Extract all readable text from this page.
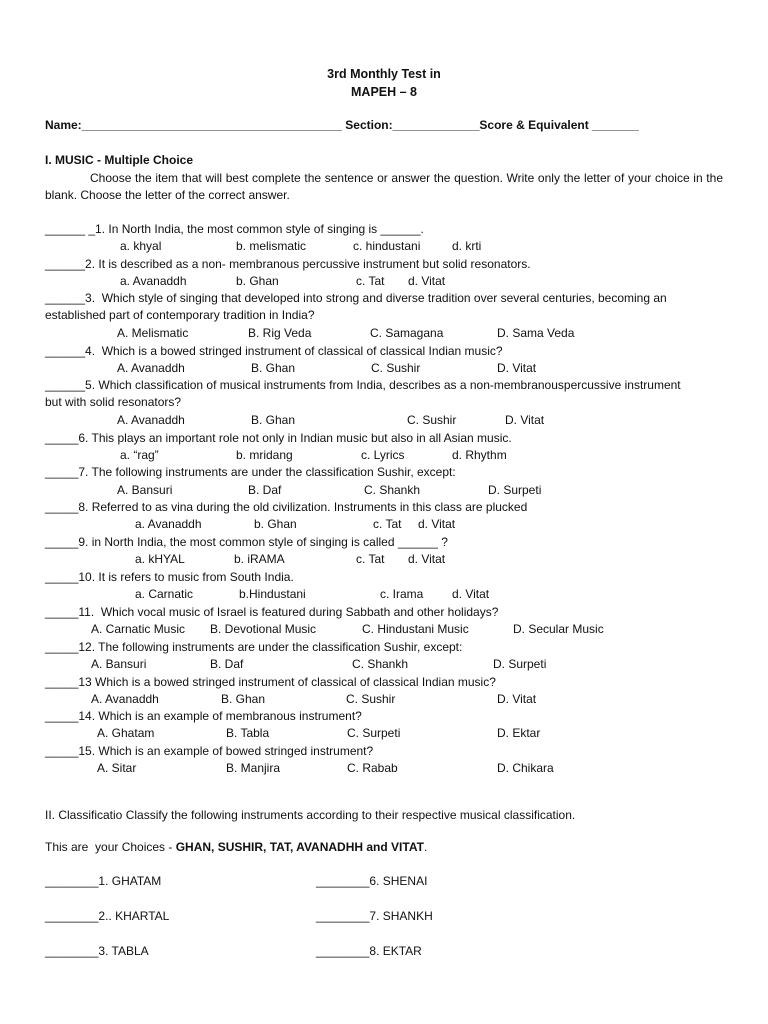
3rd Monthly Test in
MAPEH – 8
Name:_______________________________________ Section:_____________Score & Equivalent _______
I. MUSIC - Multiple Choice
Choose the item that will best complete the sentence or answer the question. Write only the letter of your choice in the blank. Choose the letter of the correct answer.
______ _1. In North India, the most common style of singing is ______.
a. khyal	b. melismatic	c. hindustani	d. krti
______2. It is described as a non- membranous percussive instrument but solid resonators.
a. Avanaddh	b. Ghan	c. Tat d. Vitat
______3.  Which style of singing that developed into strong and diverse tradition over several centuries, becoming an
established part of contemporary tradition in India?
A. Melismatic	B. Rig Veda	C. Samagana	D. Sama Veda
______4.  Which is a bowed stringed instrument of classical of classical Indian music?
A. Avanaddh	B. Ghan	C. Sushir	D. Vitat
______5. Which classification of musical instruments from India, describes as a non-membranouspercussive instrument
but with solid resonators?
A. Avanaddh	B. Ghan	C. Sushir	D. Vitat
_____6. This plays an important role not only in Indian music but also in all Asian music.
a. “rag”	b. mridang	c. Lyrics	d. Rhythm
_____7. The following instruments are under the classification Sushir, except:
A. Bansuri	B. Daf	C. Shankh	D. Surpeti
_____8. Referred to as vina during the old civilization. Instruments in this class are plucked
a. Avanaddh	b. Ghan	c. Tat d. Vitat
_____9. in North India, the most common style of singing is called ______ ?
a. kHYAL	b. iRAMA	c. Tat d. Vitat
_____10. It is refers to music from South India.
a. Carnatic	b.Hindustani	c. Irama d. Vitat
_____11.  Which vocal music of Israel is featured during Sabbath and other holidays?
A. Carnatic Music B. Devotional Music	C. Hindustani Music	D. Secular Music
_____12. The following instruments are under the classification Sushir, except:
A. Bansuri	B. Daf	C. Shankh	D. Surpeti
_____13 Which is a bowed stringed instrument of classical of classical Indian music?
A. Avanaddh	B. Ghan	C. Sushir	D. Vitat
_____14. Which is an example of membranous instrument?
A. Ghatam	B. Tabla	C. Surpeti	D. Ektar
_____15. Which is an example of bowed stringed instrument?
A. Sitar	B. Manjira	C. Rabab	D. Chikara
II. Classificatio Classify the following instruments according to their respective musical classification.
This are  your Choices - GHAN, SUSHIR, TAT, AVANADHH and VITAT.
________1. GHATAM	________6. SHENAI
________2.. KHARTAL	________7. SHANKH
________3. TABLA	________8. EKTAR
